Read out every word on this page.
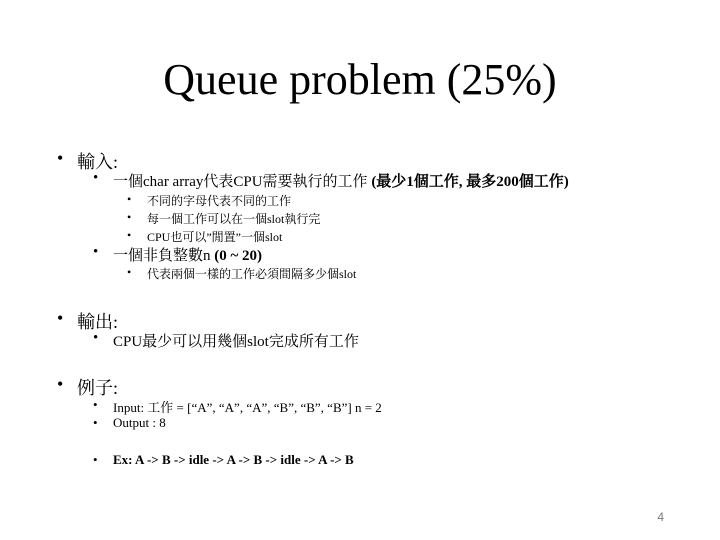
Queue problem (25%)
• 輸入:
• 一個char array代表CPU需要執行的工作 (最少1個工作, 最多200個工作)
• 不同的字母代表不同的工作
• 每一個工作可以在一個slot執行完
• CPU也可以”閒置”一個slot
• 一個非負整數n (0 ~ 20)
• 代表兩個一樣的工作必須間隔多少個slot
• 輸出:
• CPU最少可以用幾個slot完成所有工作
• 例子:
• Input: 工作 = [“A”, “A”, “A”, “B”, “B”, “B”] n = 2
• Output : 8
• Ex: A -> B -> idle -> A -> B -> idle -> A -> B
4
